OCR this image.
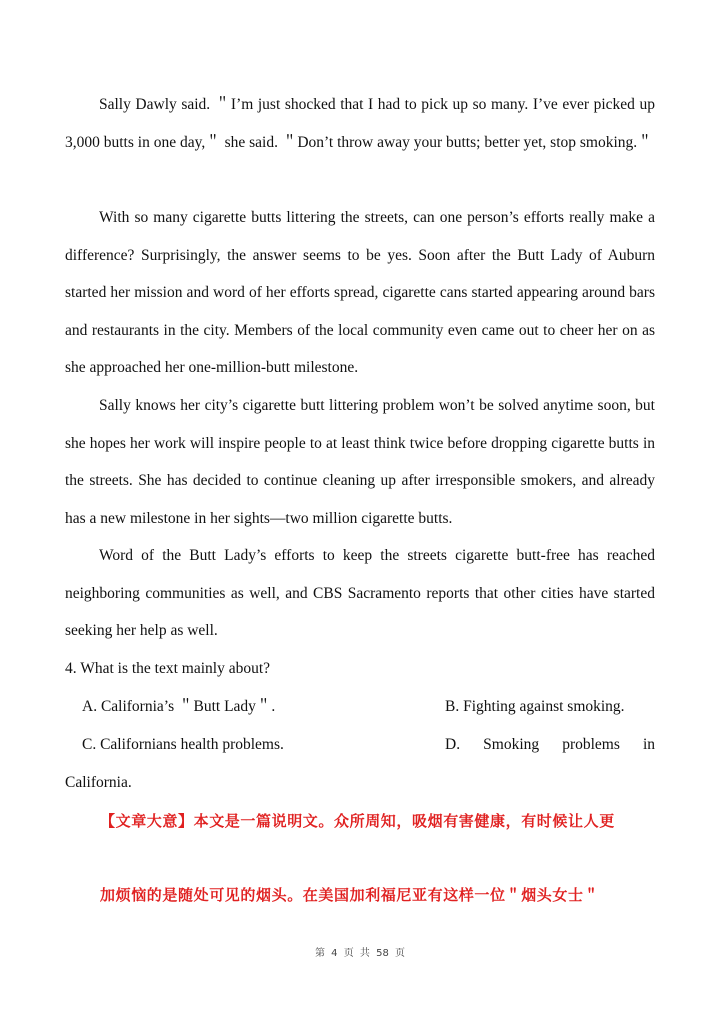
Sally Dawly said. ＂I’m just shocked that I had to pick up so many. I’ve ever picked up 3,000 butts in one day,＂ she said. ＂Don’t throw away your butts; better yet, stop smoking.＂

With so many cigarette butts littering the streets, can one person’s efforts really make a difference? Surprisingly, the answer seems to be yes. Soon after the Butt Lady of Auburn started her mission and word of her efforts spread, cigarette cans started appearing around bars and restaurants in the city. Members of the local community even came out to cheer her on as she approached her one-million-butt milestone.

Sally knows her city’s cigarette butt littering problem won’t be solved anytime soon, but she hopes her work will inspire people to at least think twice before dropping cigarette butts in the streets. She has decided to continue cleaning up after irresponsible smokers, and already has a new milestone in her sights—two million cigarette butts.

Word of the Butt Lady’s efforts to keep the streets cigarette butt-free has reached neighboring communities as well, and CBS Sacramento reports that other cities have started seeking her help as well.

4. What is the text mainly about?

A. California’s ＂Butt Lady＂.	B. Fighting against smoking.

C. Californians health problems.	D. Smoking problems in

California.

【文章大意】本文是一篇说明文。众所周知，吸烟有害健康，有时候让人更

加烦恼的是随处可见的烟头。在美国加利福尼亚有这样一位＂烟头女士＂

第 4 页 共 58 页
